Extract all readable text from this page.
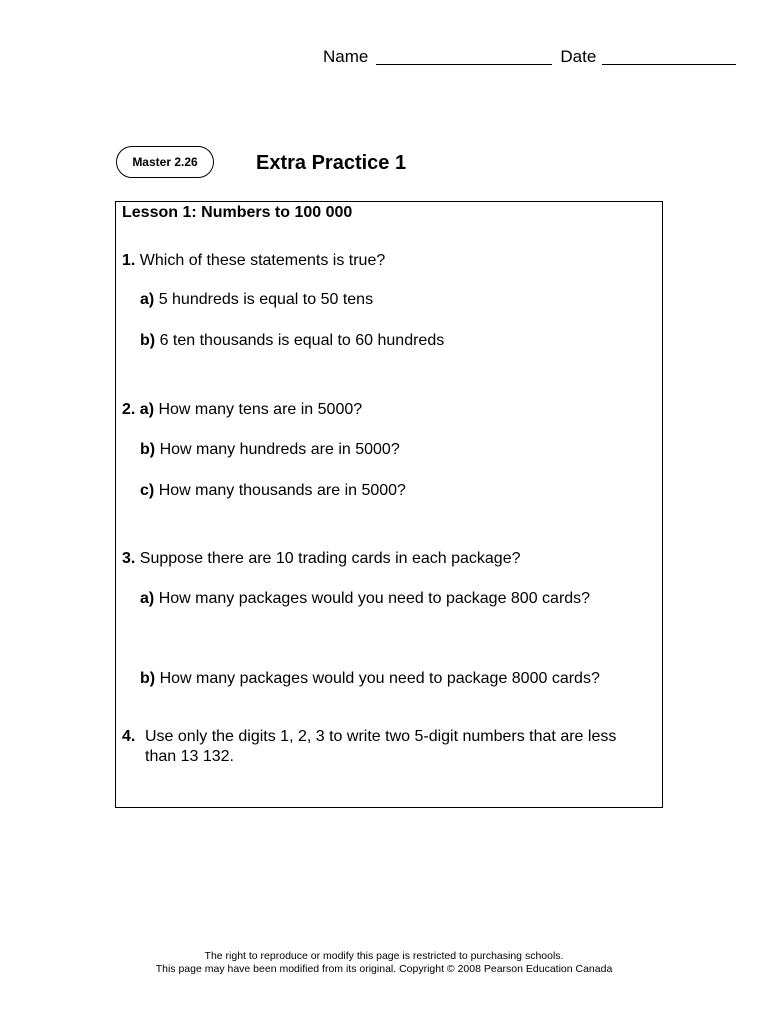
Name	Date
Master 2.26	Extra Practice 1
Lesson 1: Numbers to 100 000
1. Which of these statements is true?
a) 5 hundreds is equal to 50 tens
b) 6 ten thousands is equal to 60 hundreds
2. a) How many tens are in 5000?
b) How many hundreds are in 5000?
c) How many thousands are in 5000?
3. Suppose there are 10 trading cards in each package?
a) How many packages would you need to package 800 cards?
b) How many packages would you need to package 8000 cards?
4. Use only the digits 1, 2, 3 to write two 5-digit numbers that are less than 13 132.
The right to reproduce or modify this page is restricted to purchasing schools.
This page may have been modified from its original. Copyright © 2008 Pearson Education Canada
